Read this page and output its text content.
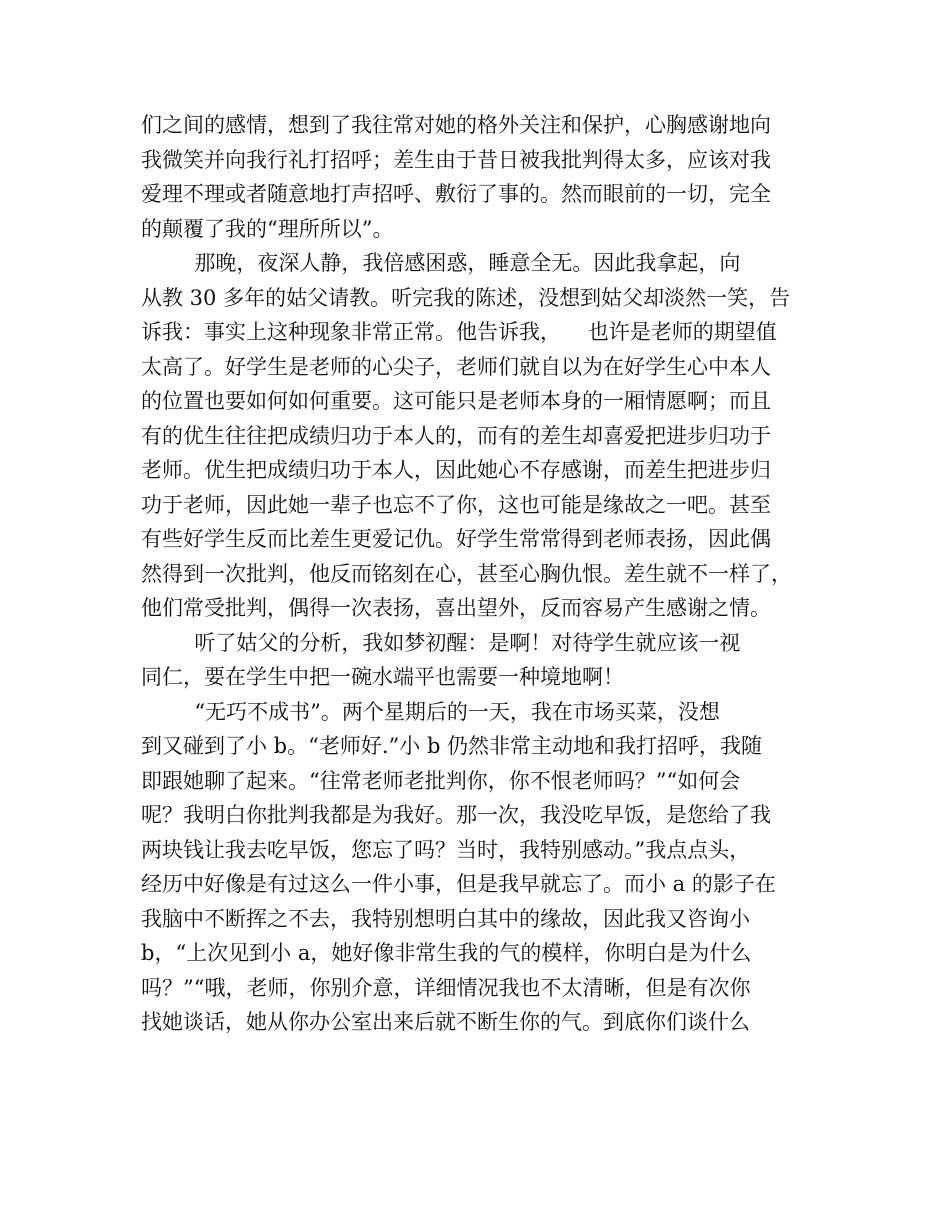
们之间的感情，想到了我往常对她的格外关注和保护，心胸感谢地向
我微笑并向我行礼打招呼；差生由于昔日被我批判得太多，应该对我
爱理不理或者随意地打声招呼、敷衍了事的。然而眼前的一切，完全
的颠覆了我的“理所所以”。
那晚，夜深人静，我倍感困惑，睡意全无。因此我拿起，向
从教 30 多年的姑父请教。听完我的陈述，没想到姑父却淡然一笑，告
诉我：事实上这种现象非常正常。他告诉我，    也许是老师的期望值
太高了。好学生是老师的心尖子，老师们就自以为在好学生心中本人
的位置也要如何如何重要。这可能只是老师本身的一厢情愿啊；而且
有的优生往往把成绩归功于本人的，而有的差生却喜爱把进步归功于
老师。优生把成绩归功于本人，因此她心不存感谢，而差生把进步归
功于老师，因此她一辈子也忘不了你，这也可能是缘故之一吧。甚至
有些好学生反而比差生更爱记仇。好学生常常得到老师表扬，因此偶
然得到一次批判，他反而铭刻在心，甚至心胸仇恨。差生就不一样了，
他们常受批判，偶得一次表扬，喜出望外，反而容易产生感谢之情。
听了姑父的分析，我如梦初醒：是啊！对待学生就应该一视
同仁，要在学生中把一碗水端平也需要一种境地啊！
“无巧不成书”。两个星期后的一天，我在市场买菜，没想
到又碰到了小 b。“老师好.”小 b 仍然非常主动地和我打招呼，我随
即跟她聊了起来。“往常老师老批判你，你不恨老师吗？”“如何会
呢？我明白你批判我都是为我好。那一次，我没吃早饭，是您给了我
两块钱让我去吃早饭，您忘了吗？当时，我特别感动。”我点点头，
经历中好像是有过这么一件小事，但是我早就忘了。而小 a 的影子在
我脑中不断挥之不去，我特别想明白其中的缘故，因此我又咨询小
b，“上次见到小 a，她好像非常生我的气的模样，你明白是为什么
吗？”“哦，老师，你别介意，详细情况我也不太清晰，但是有次你
找她谈话，她从你办公室出来后就不断生你的气。到底你们谈什么
